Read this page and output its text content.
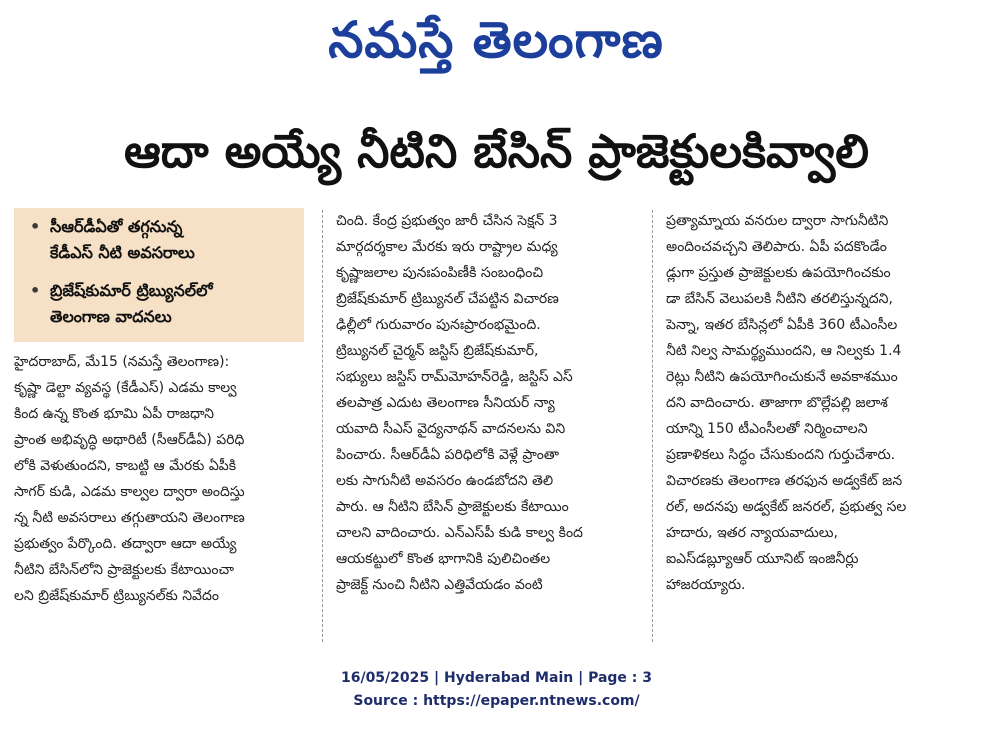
నమస్తే తెలంగాణ
ఆదా అయ్యే నీటిని బేసిన్ ప్రాజెక్టులకివ్వాలి
• సీఆర్‌డీఏతో తగ్గనున్న
కేడీఎస్ నీటి అవసరాలు
• బ్రిజేష్‌కుమార్ ట్రిబ్యునల్‌లో
తెలంగాణ వాదనలు
హైదరాబాద్, మే15 (నమస్తే తెలంగాణ):
కృష్ణా డెల్టా వ్యవస్థ (కేడీఎస్) ఎడమ కాల్వ
కింద ఉన్న కొంత భూమి ఏపీ రాజధాని
ప్రాంత అభివృద్ధి అథారిటీ (సీఆర్‌డీఏ) పరిధి
లోకి వెళుతుందని, కాబట్టి ఆ మేరకు ఏపీకి
సాగర్ కుడి, ఎడమ కాల్వల ద్వారా అందిస్తు
న్న నీటి అవసరాలు తగ్గుతాయని తెలంగాణ
ప్రభుత్వం పేర్కొంది. తద్వారా ఆదా అయ్యే
నీటిని బేసిన్‌లోని ప్రాజెక్టులకు కేటాయించా
లని బ్రిజేష్‌కుమార్ ట్రిబ్యునల్‌కు నివేదం
చింది. కేంద్ర ప్రభుత్వం జారీ చేసిన సెక్షన్ 3
మార్గదర్శకాల మేరకు ఇరు రాష్ట్రాల మధ్య
కృష్ణాజలాల పునఃపంపిణీకి సంబంధించి
బ్రిజేష్‌కుమార్ ట్రిబ్యునల్ చేపట్టిన విచారణ
ఢిల్లీలో గురువారం పునఃప్రారంభమైంది.
ట్రిబ్యునల్ చైర్మన్ జస్టిస్ బ్రిజేష్‌కుమార్,
సభ్యులు జస్టిస్ రామ్‌మోహన్‌రెడ్డి, జస్టిస్ ఎస్
తలపాత్ర ఎదుట తెలంగాణ సీనియర్ న్యా
యవాది సీఎస్ వైద్యనాథన్ వాదనలను విని
పించారు. సీఆర్‌డీఏ పరిధిలోకి వెళ్లే ప్రాంతా
లకు సాగునీటి అవసరం ఉండబోదని తెలి
పారు. ఆ నీటిని బేసిన్ ప్రాజెక్టులకు కేటాయిం
చాలని వాదించారు. ఎన్‌ఎస్‌పీ కుడి కాల్వ కింద
ఆయకట్టులో కొంత భాగానికి పులిచింతల
ప్రాజెక్ట్ నుంచి నీటిని ఎత్తివేయడం వంటి
ప్రత్యామ్నాయ వనరుల ద్వారా సాగునీటిని
అందించవచ్చని తెలిపారు. ఏపీ పదకొండేం
డ్లుగా ప్రస్తుత ప్రాజెక్టులకు ఉపయోగించకుం
డా బేసిన్ వెలుపలకి నీటిని తరలిస్తున్నదని,
పెన్నా, ఇతర బేసిన్లలో ఏపీకి 360 టీఎంసీల
నీటి నిల్వ సామర్థ్యముందని, ఆ నిల్వకు 1.4
రెట్లు నీటిని ఉపయోగించుకునే అవకాశముం
దని వాదించారు. తాజాగా బొల్లేపల్లి జలాశ
యాన్ని 150 టీఎంసీలతో నిర్మించాలని
ప్రణాళికలు సిద్ధం చేసుకుందని గుర్తుచేశారు.
విచారణకు తెలంగాణ తరఫున అడ్వకేట్ జన
రల్, అదనపు అడ్వకేట్ జనరల్, ప్రభుత్వ సల
హదారు, ఇతర న్యాయవాదులు,
ఐఎస్‌డబ్ల్యూఆర్ యూనిట్ ఇంజినీర్లు
హాజరయ్యారు.
16/05/2025 | Hyderabad Main | Page : 3
Source : https://epaper.ntnews.com/
